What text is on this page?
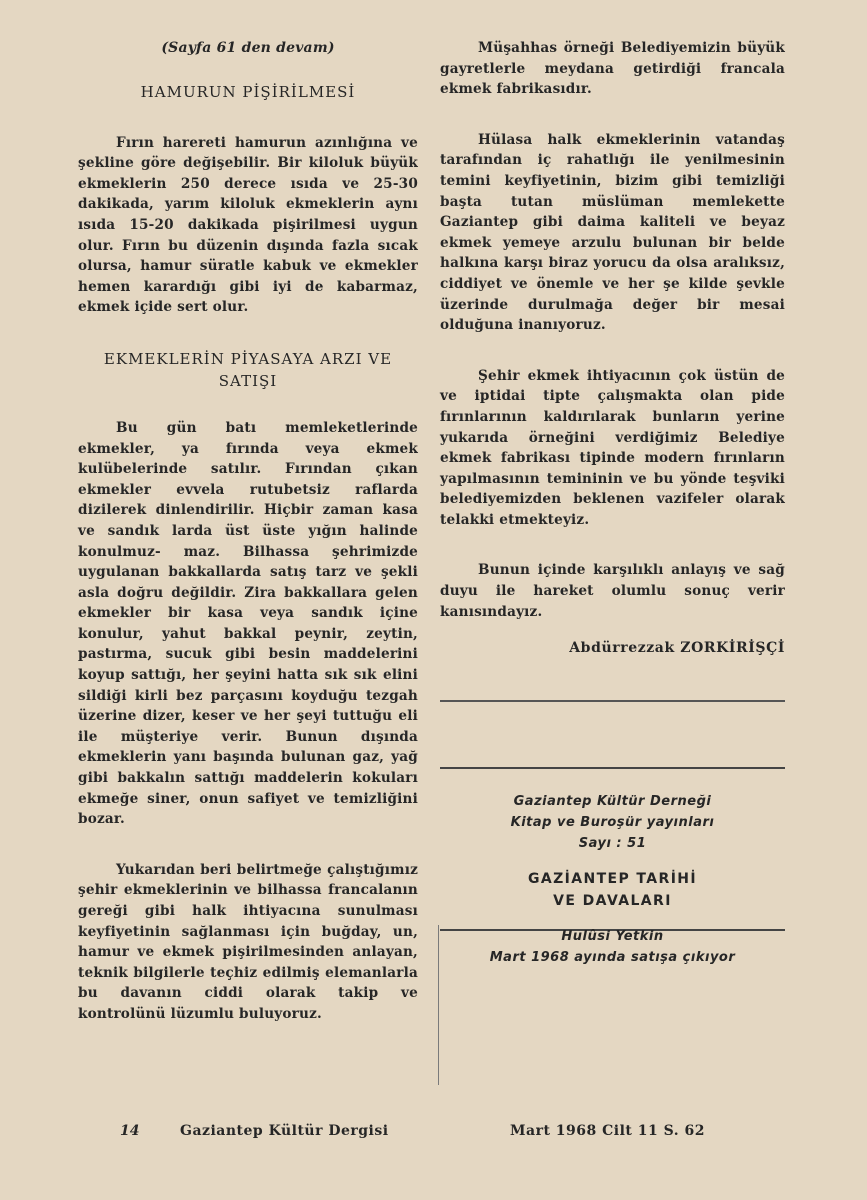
(Sayfa 61 den devam)
HAMURUN PİŞİRİLMESİ

Fırın harereti hamurun azınlığına ve şekline göre değişebilir. Bir kiloluk büyük ekmeklerin 250 derece ısıda ve 25-30 dakikada, yarım kiloluk ekmeklerin aynı ısıda 15-20 dakikada pişirilmesi uygun olur. Fırın bu düzenin dışında fazla sıcak olursa, hamur süratle kabuk ve ekmekler hemen karardığı gibi iyi de kabarmaz, ekmek içide sert olur.

EKMEKLERİN PİYASAYA ARZI VE SATIŞI

Bu gün batı memleketlerinde ekmekler, ya fırında veya ekmek kulübelerinde satılır. Fırından çıkan ekmekler evvela rutubetsiz raflarda dizilerek dinlendirilir. Hiçbir zaman kasa ve sandık larda üst üste yığın halinde konulmuz- maz. Bilhassa şehrimizde uygulanan bakkallarda satış tarz ve şekli asla doğru değildir. Zira bakkallara gelen ekmekler bir kasa veya sandık içine konulur, yahut bakkal peynir, zeytin, pastırma, sucuk gibi besin maddelerini koyup sattığı, her şeyini hatta sık sık elini sildiği kirli bez parçasını koyduğu tezgah üzerine dizer, keser ve her şeyi tuttuğu eli ile müşteriye verir. Bunun dışında ekmeklerin yanı başında bulunan gaz, yağ gibi bakkalın sattığı maddelerin kokuları ekmeğe siner, onun safiyet ve temizliğini bozar.

Yukarıdan beri belirtmeğe çalıştığımız şehir ekmeklerinin ve bilhassa francalanın gereği gibi halk ihtiyacına sunulması keyfiyetinin sağlanması için buğday, un, hamur ve ekmek pişirilmesinden anlayan, teknik bilgilerle teçhiz edilmiş elemanlarla bu davanın ciddi olarak takip ve kontrolünü lüzumlu buluyoruz.

Müşahhas örneği Belediyemizin büyük gayretlerle meydana getirdiği francala ekmek fabrikasıdır.

Hülasa halk ekmeklerinin vatandaş tarafından iç rahatlığı ile yenilmesinin temini keyfiyetinin, bizim gibi temizliği başta tutan müslüman memlekette Gaziantep gibi daima kaliteli ve beyaz ekmek yemeye arzulu bulunan bir belde halkına karşı biraz yorucu da olsa aralıksız, ciddiyet ve önemle ve her şe kilde şevkle üzerinde durulmağa değer bir mesai olduğuna inanıyoruz.

Şehir ekmek ihtiyacının çok üstün de ve iptidai tipte çalışmakta olan pide fırınlarının kaldırılarak bunların yerine yukarıda örneğini verdiğimiz Belediye ekmek fabrikası tipinde modern fırınların yapılmasının temininin ve bu yönde teşviki belediyemizden beklenen vazifeler olarak telakki etmekteyiz.

Bunun içinde karşılıklı anlayış ve sağ duyu ile hareket olumlu sonuç verir kanısındayız.

Abdürrezzak ZORKİRİŞÇİ
Gaziantep Kültür Derneği
Kitap ve Buroşür yayınları
Sayı : 51
GAZİANTEP TARİHİ
VE DAVALARI
Hulûsi Yetkin
Mart 1968 ayında satışa çıkıyor
14	Gaziantep Kültür Dergisi	Mart 1968 Cilt 11 S. 62
